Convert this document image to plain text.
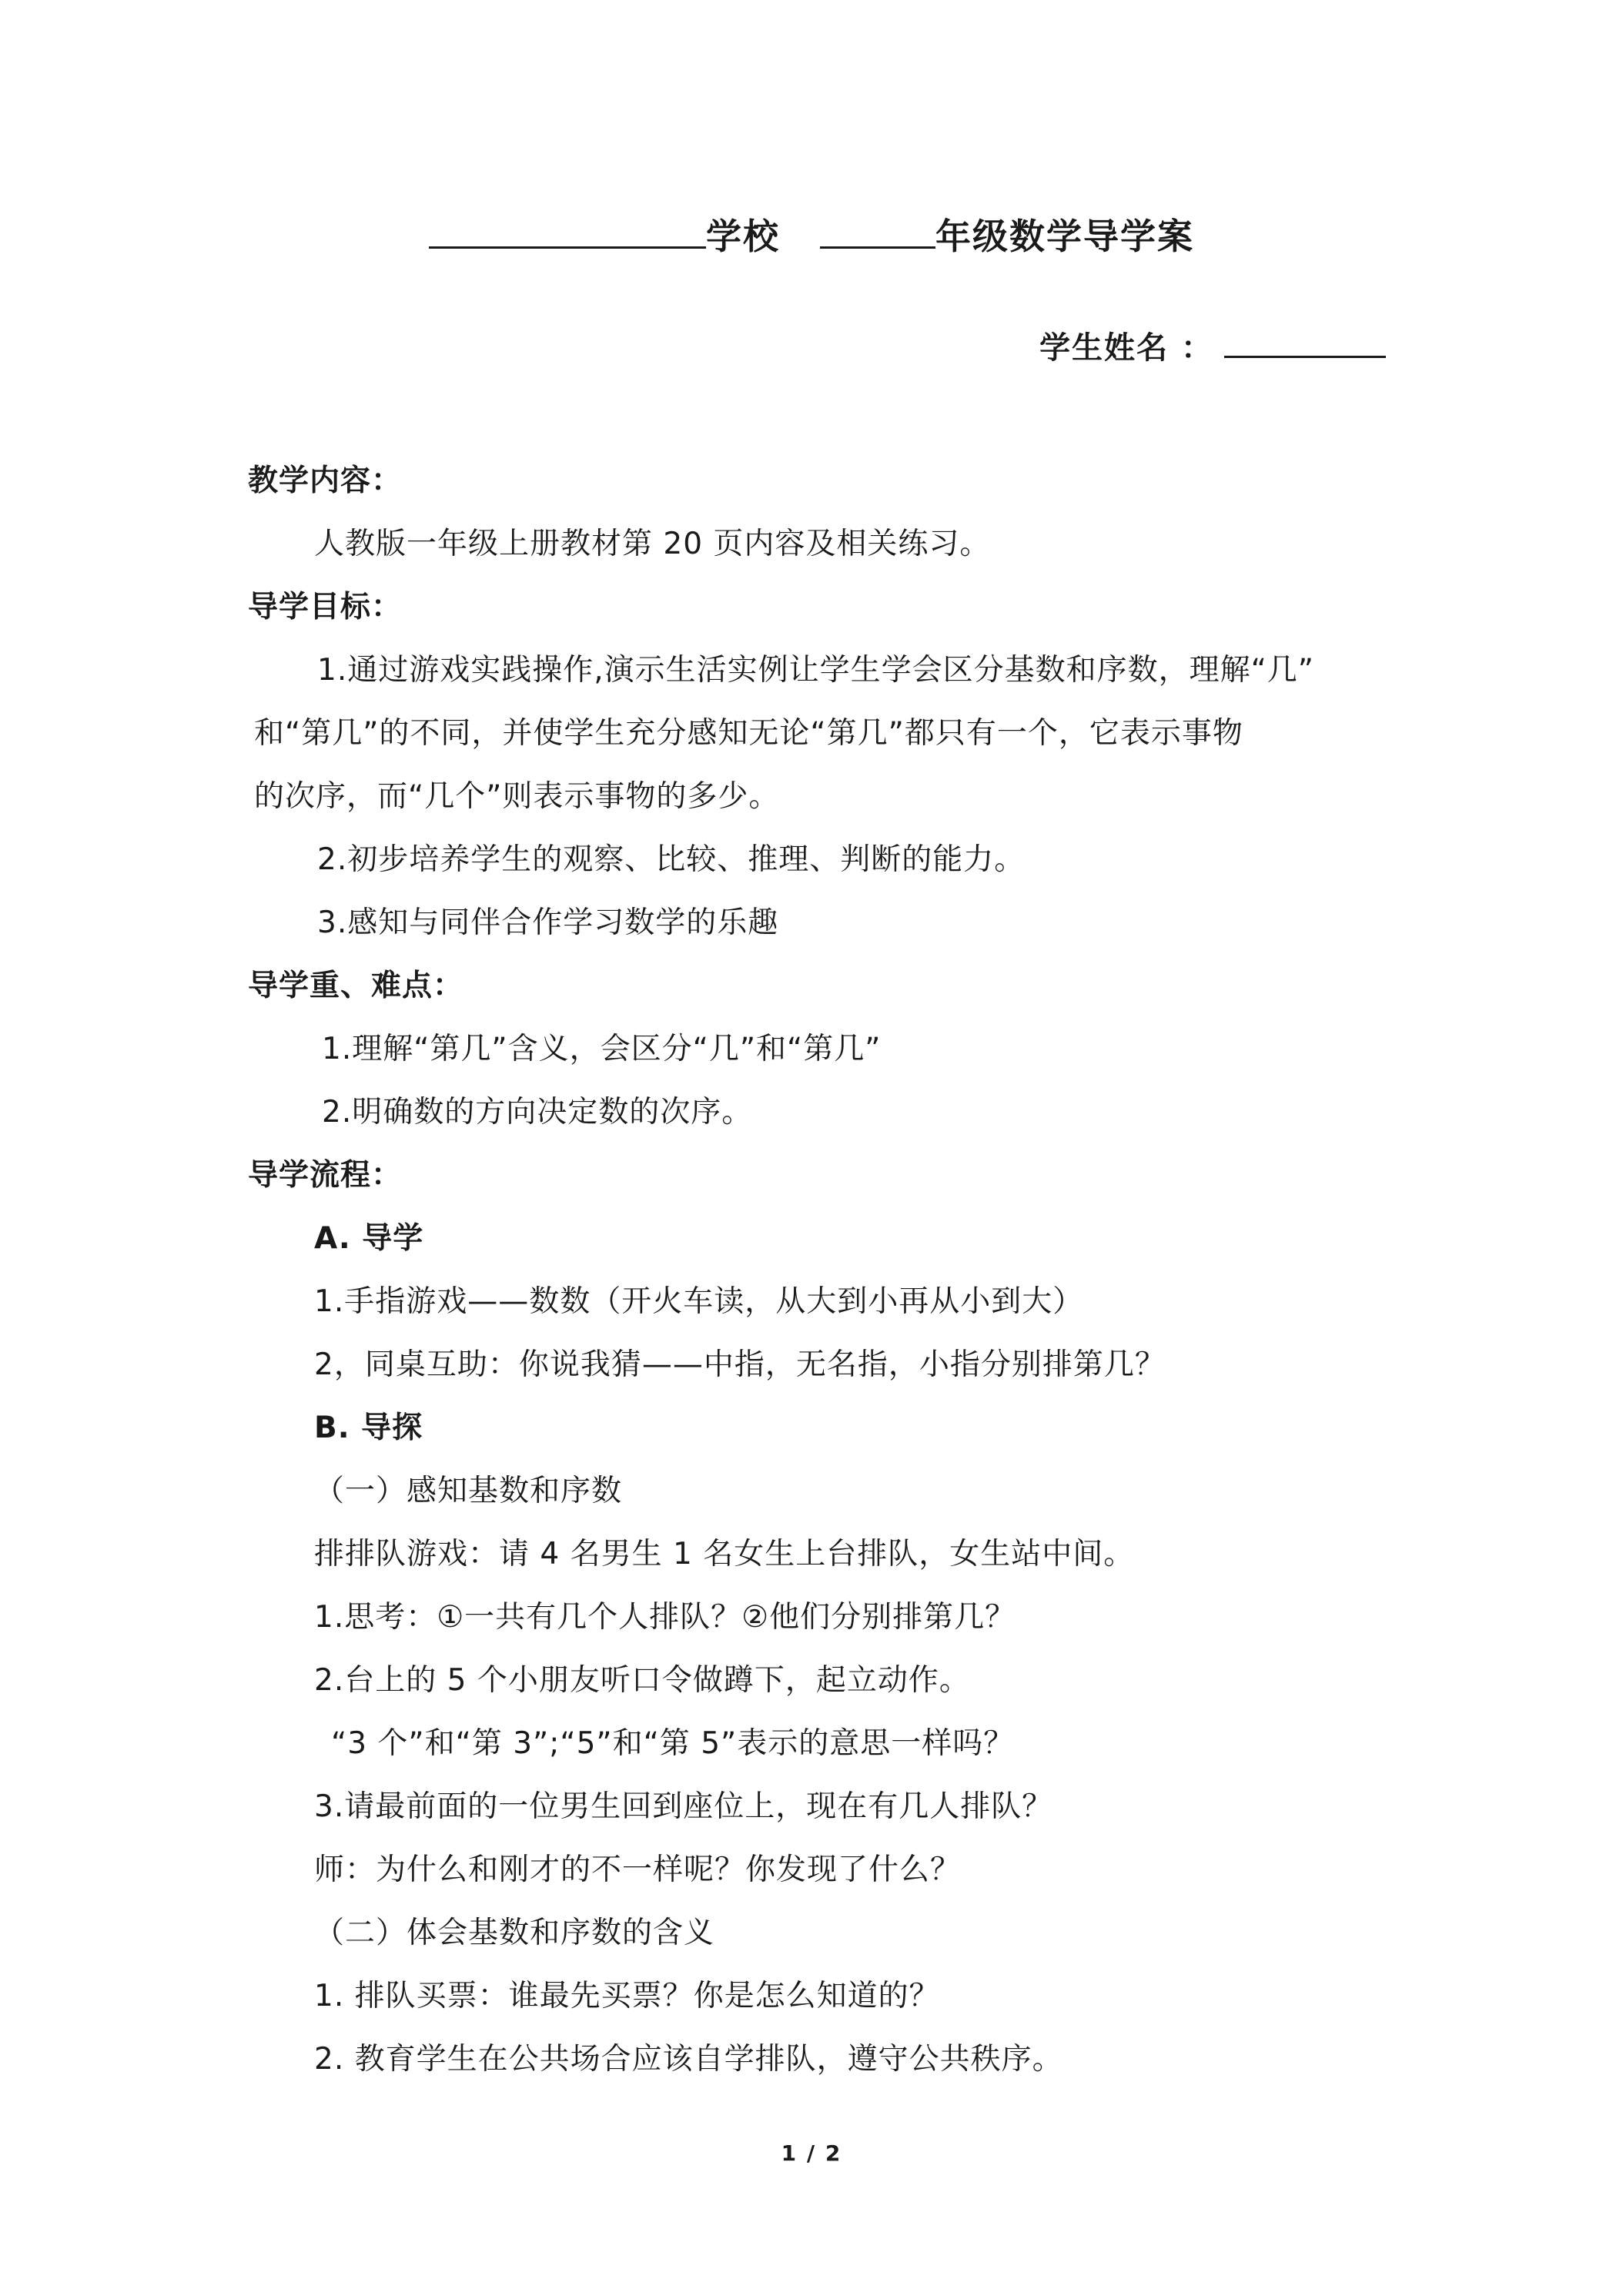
学校	年级数学导学案
学生姓名 ：
教学内容：
人教版一年级上册教材第 20 页内容及相关练习。
导学目标：
1.通过游戏实践操作,演示生活实例让学生学会区分基数和序数，理解“几”
和“第几”的不同，并使学生充分感知无论“第几”都只有一个，它表示事物
的次序，而“几个”则表示事物的多少。
2.初步培养学生的观察、比较、推理、判断的能力。
3.感知与同伴合作学习数学的乐趣
导学重、难点：
1.理解“第几”含义，会区分“几”和“第几”
2.明确数的方向决定数的次序。
导学流程：
A. 导学
1.手指游戏——数数（开火车读，从大到小再从小到大）
2，同桌互助：你说我猜——中指，无名指，小指分别排第几？
B. 导探
（一）感知基数和序数
排排队游戏：请 4 名男生 1 名女生上台排队，女生站中间。
1.思考：①一共有几个人排队？②他们分别排第几？
2.台上的 5 个小朋友听口令做蹲下，起立动作。
“3 个”和“第 3”;“5”和“第 5”表示的意思一样吗？
3.请最前面的一位男生回到座位上，现在有几人排队？
师：为什么和刚才的不一样呢？你发现了什么？
（二）体会基数和序数的含义
1. 排队买票：谁最先买票？你是怎么知道的？
2. 教育学生在公共场合应该自学排队，遵守公共秩序。
1 / 2
